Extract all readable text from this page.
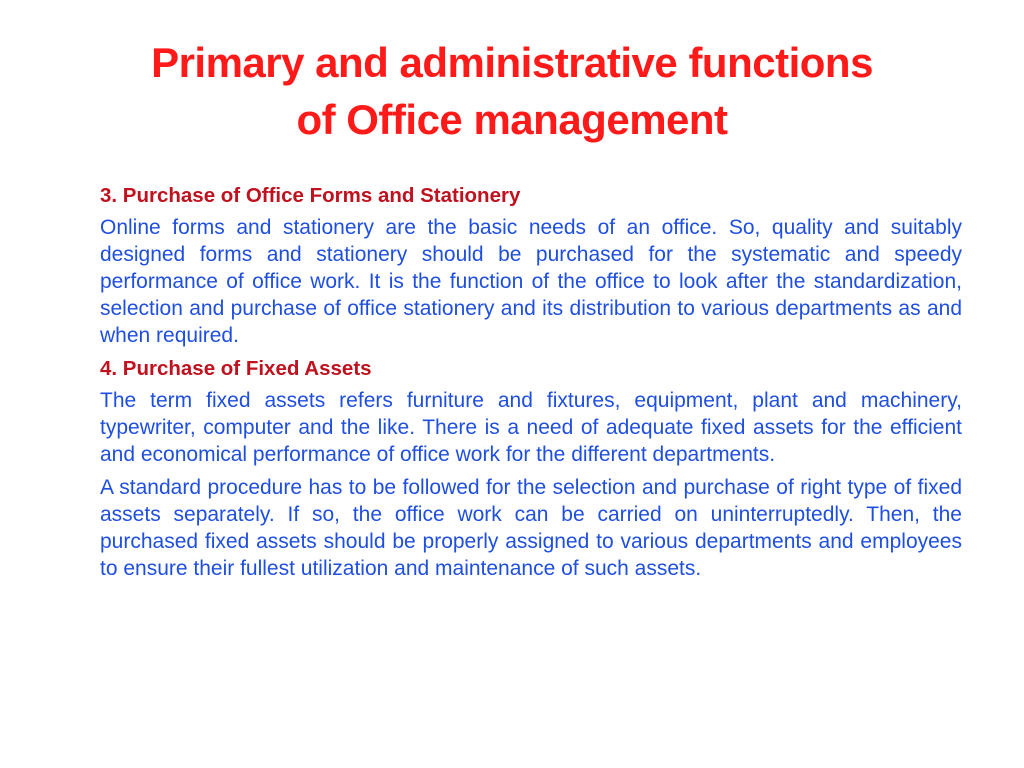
Primary and administrative functions
of Office management
3. Purchase of Office Forms and Stationery
Online forms and stationery are the basic needs of an office. So, quality and suitably designed forms and stationery should be purchased for the systematic and speedy performance of office work. It is the function of the office to look after the standardization, selection and purchase of office stationery and its distribution to various departments as and when required.
4. Purchase of Fixed Assets
The term fixed assets refers furniture and fixtures, equipment, plant and machinery, typewriter, computer and the like. There is a need of adequate fixed assets for the efficient and economical performance of office work for the different departments.
A standard procedure has to be followed for the selection and purchase of right type of fixed assets separately. If so, the office work can be carried on uninterruptedly. Then, the purchased fixed assets should be properly assigned to various departments and employees to ensure their fullest utilization and maintenance of such assets.
